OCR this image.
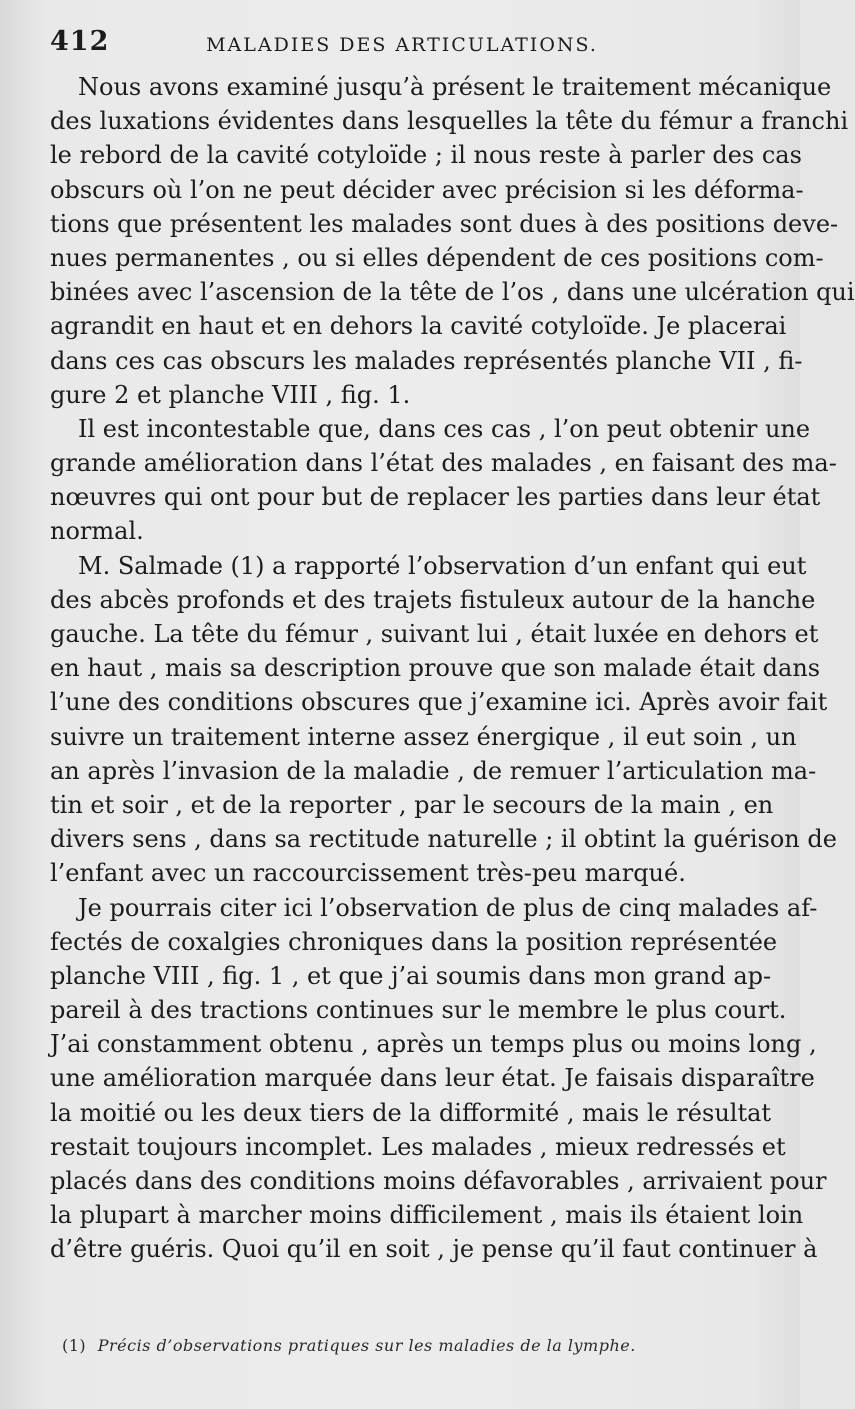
412	MALADIES DES ARTICULATIONS.
Nous avons examiné jusqu’à présent le traitement mécanique
des luxations évidentes dans lesquelles la tête du fémur a franchi
le rebord de la cavité cotyloïde ; il nous reste à parler des cas
obscurs où l’on ne peut décider avec précision si les déforma-
tions que présentent les malades sont dues à des positions deve-
nues permanentes , ou si elles dépendent de ces positions com-
binées avec l’ascension de la tête de l’os , dans une ulcération qui
agrandit en haut et en dehors la cavité cotyloïde. Je placerai
dans ces cas obscurs les malades représentés planche VII , fi-
gure 2 et planche VIII , fig. 1.
Il est incontestable que, dans ces cas , l’on peut obtenir une
grande amélioration dans l’état des malades , en faisant des ma-
nœuvres qui ont pour but de replacer les parties dans leur état
normal.
M. Salmade (1) a rapporté l’observation d’un enfant qui eut
des abcès profonds et des trajets fistuleux autour de la hanche
gauche. La tête du fémur , suivant lui , était luxée en dehors et
en haut , mais sa description prouve que son malade était dans
l’une des conditions obscures que j’examine ici. Après avoir fait
suivre un traitement interne assez énergique , il eut soin , un
an après l’invasion de la maladie , de remuer l’articulation ma-
tin et soir , et de la reporter , par le secours de la main , en
divers sens , dans sa rectitude naturelle ; il obtint la guérison de
l’enfant avec un raccourcissement très-peu marqué.
Je pourrais citer ici l’observation de plus de cinq malades af-
fectés de coxalgies chroniques dans la position représentée
planche VIII , fig. 1 , et que j’ai soumis dans mon grand ap-
pareil à des tractions continues sur le membre le plus court.
J’ai constamment obtenu , après un temps plus ou moins long ,
une amélioration marquée dans leur état. Je faisais disparaître
la moitié ou les deux tiers de la difformité , mais le résultat
restait toujours incomplet. Les malades , mieux redressés et
placés dans des conditions moins défavorables , arrivaient pour
la plupart à marcher moins difficilement , mais ils étaient loin
d’être guéris. Quoi qu’il en soit , je pense qu’il faut continuer à
(1) Précis d’observations pratiques sur les maladies de la lymphe.
